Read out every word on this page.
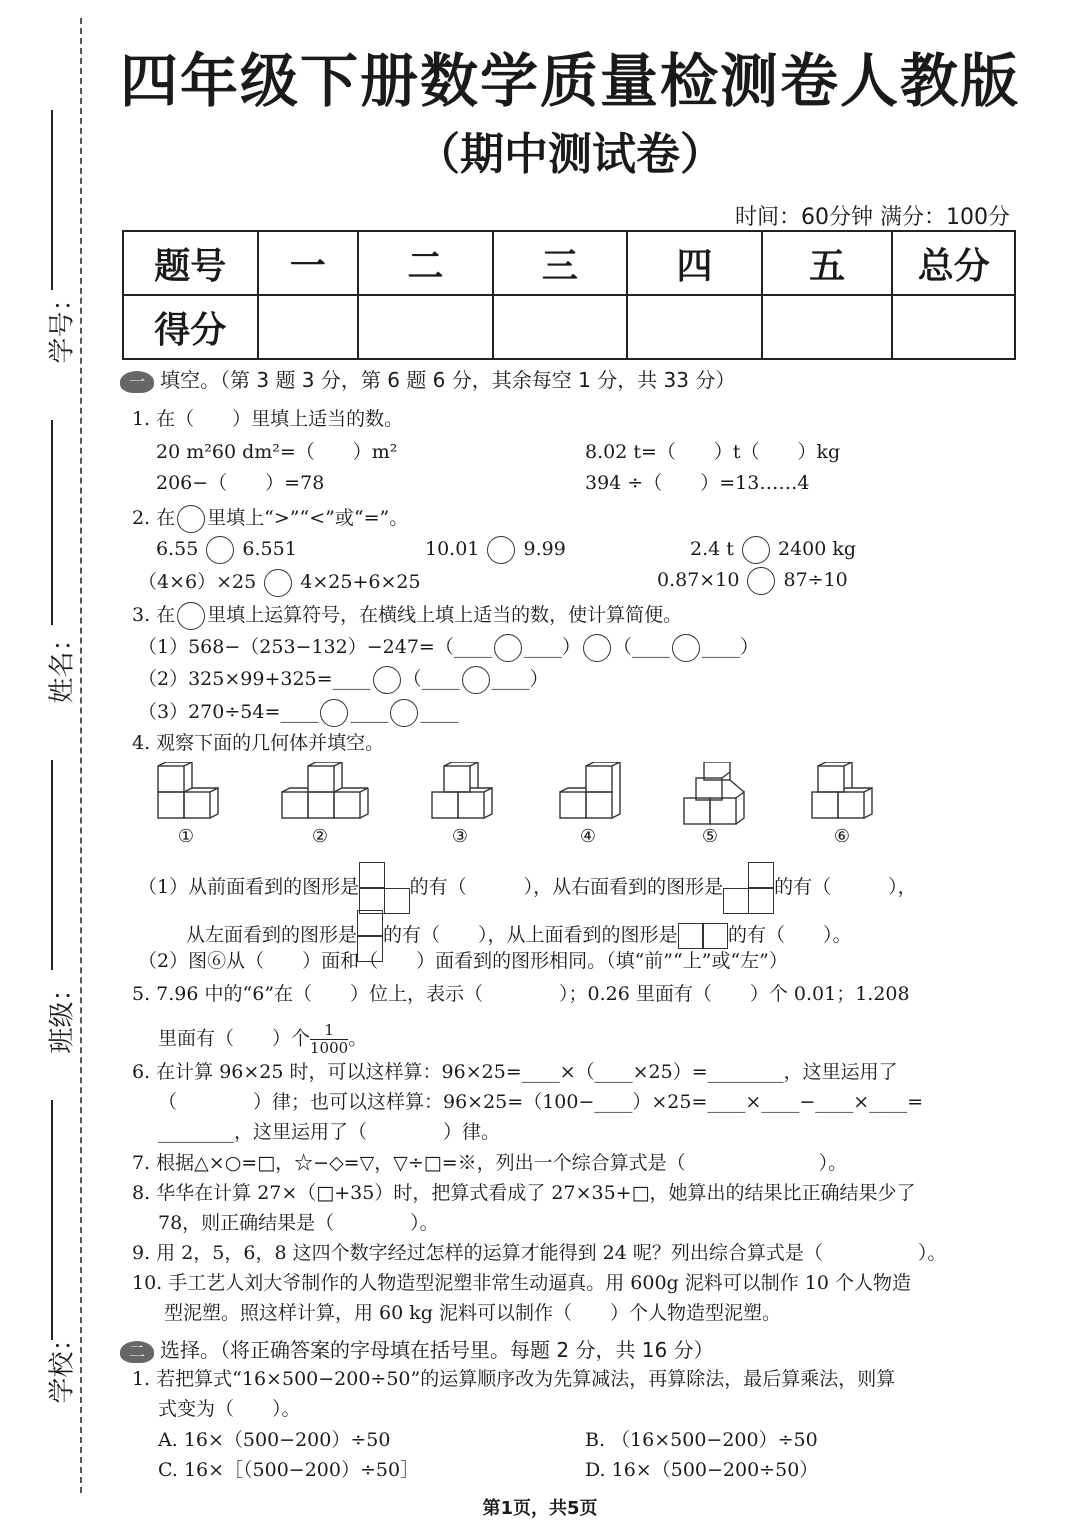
学号：
姓名：
班级：
学校：
四年级下册数学质量检测卷人教版
（期中测试卷）
时间：60分钟 满分：100分
题号	一	二	三	四	五	总分
得分						
一 填空。（第 3 题 3 分，第 6 题 6 分，其余每空 1 分，共 33 分）
1. 在（　　）里填上适当的数。
20 m²60 dm²=（　　）m²	8.02 t=（　　）t（　　）kg
206−（　　）=78	394 ÷（　　）=13……4
2. 在 里填上“>”“<”或“=”。
6.55 6.551	10.01 9.99	2.4 t 2400 kg
（4×6）×25 4×25+6×25	0.87×10 87÷10
3. 在 里填上运算符号，在横线上填上适当的数，使计算简便。
（1）568−（253−132）−247=（____ ____） （____ ____）
（2）325×99+325=____ （____ ____）
（3）270÷54=____ ____ ____
4. 观察下面的几何体并填空。
①	②	③	④	⑤	⑥
（1）从前面看到的图形是	的有（　　　），从右面看到的图形是	的有（　　　），
从左面看到的图形是 的有（　　），从上面看到的图形是	的有（　　）。
（2）图⑥从（　　）面和（　　）面看到的图形相同。（填“前”“上”或“左”）
5. 7.96 中的“6”在（　　）位上，表示（　　　　）；0.26 里面有（　　）个 0.01；1.208
里面有（　　）个 $\frac{1}{1000}$ 。
6. 在计算 96×25 时，可以这样算：96×25=____×（____×25）=________，这里运用了
（　　　　）律；也可以这样算：96×25=（100−____）×25=____×____−____×____=
________，这里运用了（　　　　）律。
7. 根据△×○=□，☆−◇=▽，▽÷□=※，列出一个综合算式是（　　　　　　　）。
8. 华华在计算 27×（□+35）时，把算式看成了 27×35+□，她算出的结果比正确结果少了
78，则正确结果是（　　　　）。
9. 用 2，5，6，8 这四个数字经过怎样的运算才能得到 24 呢？列出综合算式是（　　　　　）。
10. 手工艺人刘大爷制作的人物造型泥塑非常生动逼真。用 600g 泥料可以制作 10 个人物造
型泥塑。照这样计算，用 60 kg 泥料可以制作（　　）个人物造型泥塑。
二 选择。（将正确答案的字母填在括号里。每题 2 分，共 16 分）
1. 若把算式“16×500−200÷50”的运算顺序改为先算减法，再算除法，最后算乘法，则算
式变为（　　）。
A. 16×（500−200）÷50	B. （16×500−200）÷50
C. 16×［（500−200）÷50］	D. 16×（500−200÷50）
第1页，共5页
